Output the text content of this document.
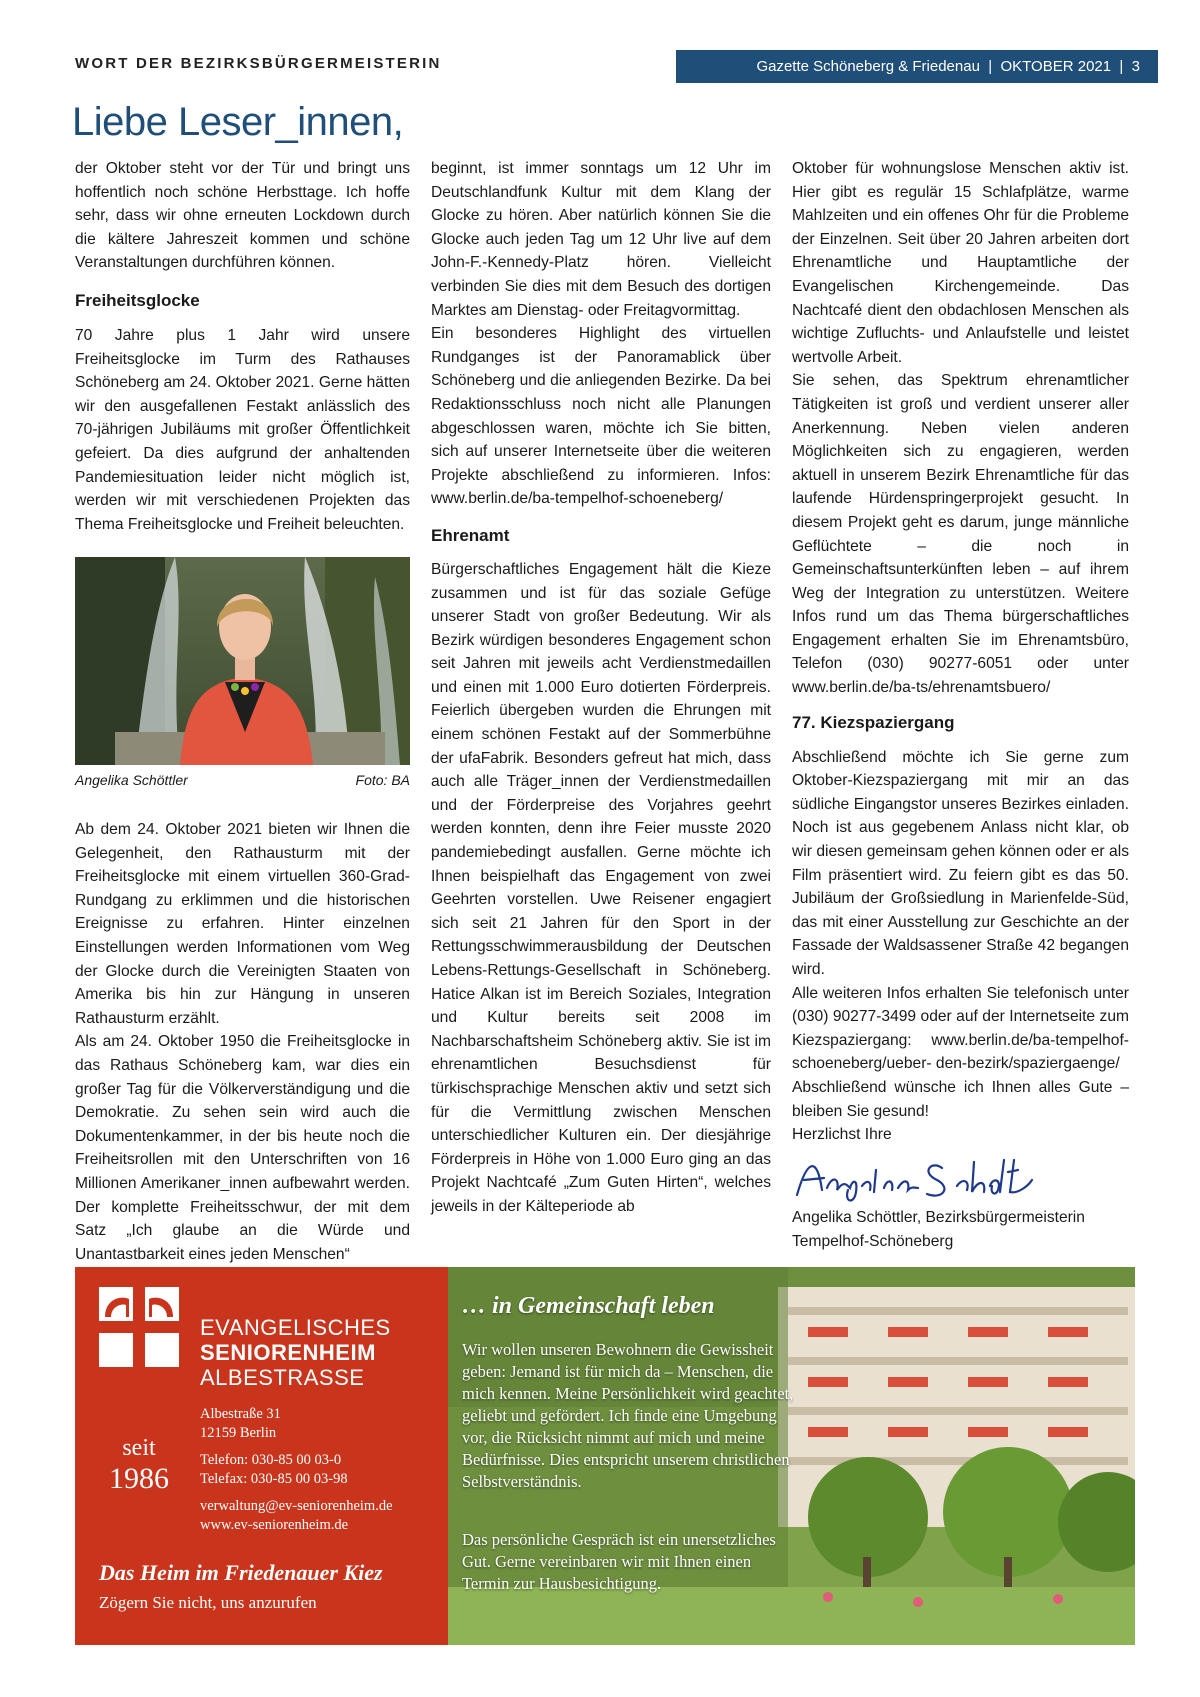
WORT DER BEZIRKSBÜRGERMEISTERIN	Gazette Schöneberg & Friedenau  |  OKTOBER 2021  |  3
Liebe Leser_innen,

der Oktober steht vor der Tür und bringt uns hoffentlich noch schöne Herbsttage. Ich hoffe sehr, dass wir ohne erneuten Lockdown durch die kältere Jahreszeit kommen und schöne Veranstaltungen durchführen können.

Freiheitsglocke

70 Jahre plus 1 Jahr wird unsere Freiheitsglocke im Turm des Rathauses Schöneberg am 24. Oktober 2021. Gerne hätten wir den ausgefallenen Festakt anlässlich des 70-jährigen Jubiläums mit großer Öffentlichkeit gefeiert. Da dies aufgrund der anhaltenden Pandemiesituation leider nicht möglich ist, werden wir mit verschiedenen Projekten das Thema Freiheitsglocke und Freiheit beleuchten.

Angelika Schöttler	Foto: BA

Ab dem 24. Oktober 2021 bieten wir Ihnen die Gelegenheit, den Rathausturm mit der Freiheitsglocke mit einem virtuellen 360-Grad-Rundgang zu erklimmen und die historischen Ereignisse zu erfahren. Hinter einzelnen Einstellungen werden Informationen vom Weg der Glocke durch die Vereinigten Staaten von Amerika bis hin zur Hängung in unseren Rathausturm erzählt.

Als am 24. Oktober 1950 die Freiheitsglocke in das Rathaus Schöneberg kam, war dies ein großer Tag für die Völkerverständigung und die Demokratie. Zu sehen sein wird auch die Dokumentenkammer, in der bis heute noch die Freiheitsrollen mit den Unterschriften von 16 Millionen Amerikaner_innen aufbewahrt werden. Der komplette Freiheitsschwur, der mit dem Satz „Ich glaube an die Würde und Unantastbarkeit eines jeden Menschen“

beginnt, ist immer sonntags um 12 Uhr im Deutschlandfunk Kultur mit dem Klang der Glocke zu hören. Aber natürlich können Sie die Glocke auch jeden Tag um 12 Uhr live auf dem John-F.-Kennedy-Platz hören. Vielleicht verbinden Sie dies mit dem Besuch des dortigen Marktes am Dienstag- oder Freitagvormittag.

Ein besonderes Highlight des virtuellen Rundganges ist der Panoramablick über Schöneberg und die anliegenden Bezirke. Da bei Redaktionsschluss noch nicht alle Planungen abgeschlossen waren, möchte ich Sie bitten, sich auf unserer Internetseite über die weiteren Projekte abschließend zu informieren. Infos: www.berlin.de/ba-tempelhof-schoeneberg/

Ehrenamt

Bürgerschaftliches Engagement hält die Kieze zusammen und ist für das soziale Gefüge unserer Stadt von großer Bedeutung. Wir als Bezirk würdigen besonderes Engagement schon seit Jahren mit jeweils acht Verdienstmedaillen und einen mit 1.000 Euro dotierten Förderpreis. Feierlich übergeben wurden die Ehrungen mit einem schönen Festakt auf der Sommerbühne der ufaFabrik. Besonders gefreut hat mich, dass auch alle Träger_innen der Verdienstmedaillen und der Förderpreise des Vorjahres geehrt werden konnten, denn ihre Feier musste 2020 pandemiebedingt ausfallen. Gerne möchte ich Ihnen beispielhaft das Engagement von zwei Geehrten vorstellen. Uwe Reisener engagiert sich seit 21 Jahren für den Sport in der Rettungsschwimmerausbildung der Deutschen Lebens-Rettungs-Gesellschaft in Schöneberg. Hatice Alkan ist im Bereich Soziales, Integration und Kultur bereits seit 2008 im Nachbarschaftsheim Schöneberg aktiv. Sie ist im ehrenamtlichen Besuchsdienst für türkischsprachige Menschen aktiv und setzt sich für die Vermittlung zwischen Menschen unterschiedlicher Kulturen ein. Der diesjährige Förderpreis in Höhe von 1.000 Euro ging an das Projekt Nachtcafé „Zum Guten Hirten“, welches jeweils in der Kälteperiode ab

Oktober für wohnungslose Menschen aktiv ist. Hier gibt es regulär 15 Schlafplätze, warme Mahlzeiten und ein offenes Ohr für die Probleme der Einzelnen. Seit über 20 Jahren arbeiten dort Ehrenamtliche und Hauptamtliche der Evangelischen Kirchengemeinde. Das Nachtcafé dient den obdachlosen Menschen als wichtige Zufluchts- und Anlaufstelle und leistet wertvolle Arbeit.

Sie sehen, das Spektrum ehrenamtlicher Tätigkeiten ist groß und verdient unserer aller Anerkennung. Neben vielen anderen Möglichkeiten sich zu engagieren, werden aktuell in unserem Bezirk Ehrenamtliche für das laufende Hürdenspringerprojekt gesucht. In diesem Projekt geht es darum, junge männliche Geflüchtete – die noch in Gemeinschaftsunterkünften leben – auf ihrem Weg der Integration zu unterstützen. Weitere Infos rund um das Thema bürgerschaftliches Engagement erhalten Sie im Ehrenamtsbüro, Telefon (030) 90277-6051 oder unter www.berlin.de/ba-ts/ehrenamtsbuero/

77. Kiezspaziergang

Abschließend möchte ich Sie gerne zum Oktober-Kiezspaziergang mit mir an das südliche Eingangstor unseres Bezirkes einladen. Noch ist aus gegebenem Anlass nicht klar, ob wir diesen gemeinsam gehen können oder er als Film präsentiert wird. Zu feiern gibt es das 50. Jubiläum der Großsiedlung in Marienfelde-Süd, das mit einer Ausstellung zur Geschichte an der Fassade der Waldsassener Straße 42 begangen wird.

Alle weiteren Infos erhalten Sie telefonisch unter (030) 90277-3499 oder auf der Internetseite zum Kiezspaziergang: www.berlin.de/ba-tempelhof-schoeneberg/ueber- den-bezirk/spaziergaenge/

Abschließend wünsche ich Ihnen alles Gute – bleiben Sie gesund!

Herzlichst Ihre
Angelika Schöttler, Bezirksbürgermeisterin
Tempelhof-Schöneberg
EVANGELISCHES
SENIORENHEIM
ALBESTRASSE
seit
1986
Albestraße 31
12159 Berlin
Telefon: 030-85 00 03-0
Telefax: 030-85 00 03-98
verwaltung@ev-seniorenheim.de
www.ev-seniorenheim.de
Das Heim im Friedenauer Kiez
Zögern Sie nicht, uns anzurufen
… in Gemeinschaft leben
Wir wollen unseren Bewohnern die Gewissheit geben: Jemand ist für mich da – Menschen, die mich kennen. Meine Persönlichkeit wird geachtet, geliebt und gefördert. Ich finde eine Umgebung vor, die Rücksicht nimmt auf mich und meine Bedürfnisse. Dies entspricht unserem christlichen Selbstverständnis.
Das persönliche Gespräch ist ein unersetzliches Gut. Gerne vereinbaren wir mit Ihnen einen Termin zur Hausbesichtigung.
